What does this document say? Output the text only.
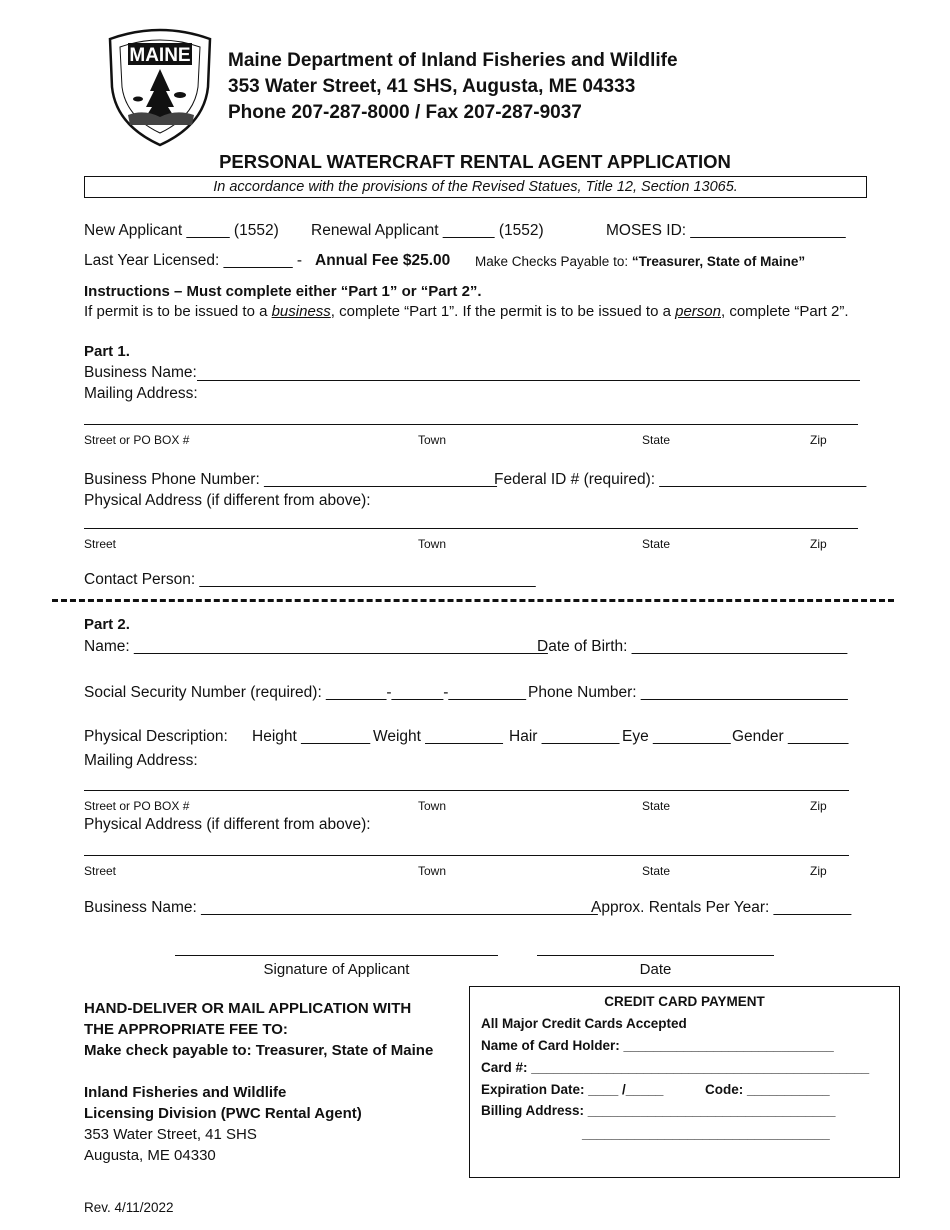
MAINE Maine Department of Inland Fisheries and Wildlife
353 Water Street, 41 SHS, Augusta, ME 04333
Phone 207-287-8000 / Fax 207-287-9037
PERSONAL WATERCRAFT RENTAL AGENT APPLICATION
In accordance with the provisions of the Revised Statues, Title 12, Section 13065.
New Applicant _____ (1552) Renewal Applicant ______ (1552)	MOSES ID: __________________
Last Year Licensed: ________ - Annual Fee $25.00 Make Checks Payable to: “Treasurer, State of Maine”
Instructions – Must complete either “Part 1” or “Part 2”.
If permit is to be issued to a business, complete “Part 1”. If the permit is to be issued to a person, complete “Part 2”.
Part 1.
Business Name:
Mailing Address:
Street or PO BOX #	Town	State	Zip
Business Phone Number: ___________________________
Federal ID # (required): ________________________
Physical Address (if different from above):
Street	Town	State	Zip
Contact Person: _______________________________________
Part 2.
Name: ________________________________________________
Date of Birth: _________________________
Social Security Number (required): _______-______-_________ Phone Number: ________________________
Physical Description: Height ________ Weight _________ Hair _________ Eye _________ Gender _______
Mailing Address:
Street or PO BOX #	Town	State	Zip
Physical Address (if different from above):
Street	Town	State	Zip
Business Name: ______________________________________________
Approx. Rentals Per Year: _________
Signature of Applicant	Date
HAND-DELIVER OR MAIL APPLICATION WITH
THE APPROPRIATE FEE TO:
Make check payable to: Treasurer, State of Maine
Inland Fisheries and Wildlife
Licensing Division (PWC Rental Agent)
353 Water Street, 41 SHS
Augusta, ME 04330
CREDIT CARD PAYMENT
All Major Credit Cards Accepted
Name of Card Holder: ____________________________
Card #: _____________________________________________
Expiration Date: ____ /_____	Code: ___________
Billing Address: _________________________________
_________________________________
Rev. 4/11/2022
